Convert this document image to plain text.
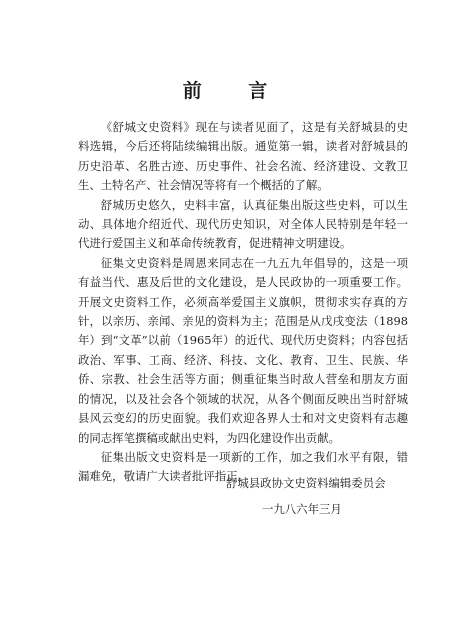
前 言

《舒城文史资料》现在与读者见面了，这是有关舒城县的史料选辑，今后还将陆续编辑出版。通览第一辑，读者对舒城县的历史沿革、名胜古迹、历史事件、社会名流、经济建设、文教卫生、土特名产、社会情况等将有一个概括的了解。

舒城历史悠久，史料丰富，认真征集出版这些史料，可以生动、具体地介绍近代、现代历史知识，对全体人民特别是年轻一代进行爱国主义和革命传统教育，促进精神文明建设。

征集文史资料是周恩来同志在一九五九年倡导的，这是一项有益当代、惠及后世的文化建设，是人民政协的一项重要工作。开展文史资料工作，必须高举爱国主义旗帜，贯彻求实存真的方针，以亲历、亲闻、亲见的资料为主；范围是从戊戌变法（1898年）到“文革”以前（1965年）的近代、现代历史资料；内容包括政治、军事、工商、经济、科技、文化、教育、卫生、民族、华侨、宗教、社会生活等方面；侧重征集当时敌人营垒和朋友方面的情况，以及社会各个领域的状况，从各个侧面反映出当时舒城县风云变幻的历史面貌。我们欢迎各界人士和对文史资料有志趣的同志挥笔撰稿或献出史料，为四化建设作出贡献。

征集出版文史资料是一项新的工作，加之我们水平有限，错漏难免，敬请广大读者批评指正。

舒城县政协文史资料编辑委员会
一九八六年三月
